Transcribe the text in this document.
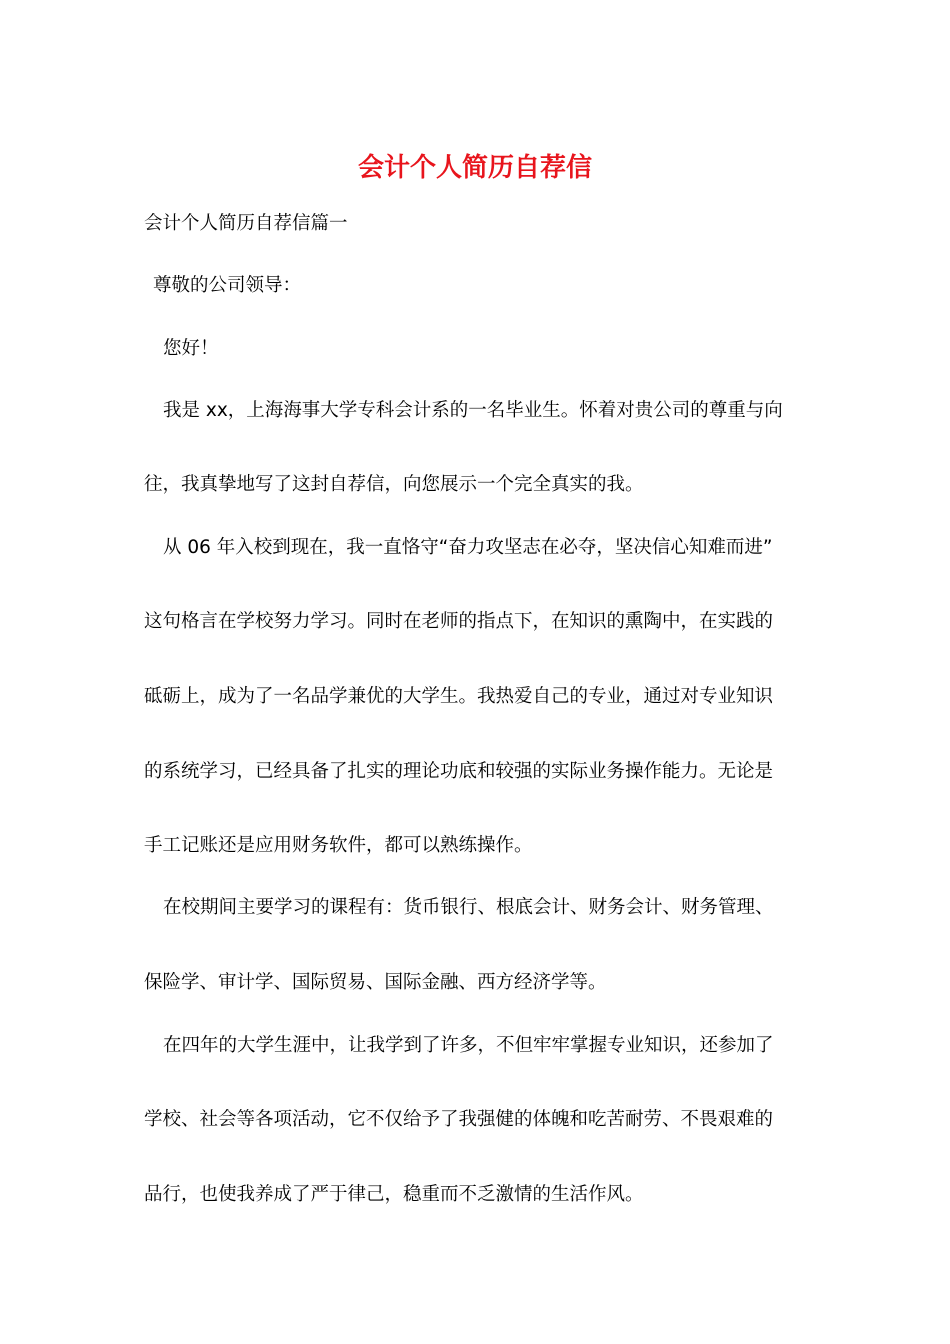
会计个人简历自荐信
会计个人简历自荐信篇一
尊敬的公司领导：
您好！
我是 xx，上海海事大学专科会计系的一名毕业生。怀着对贵公司的尊重与向
往，我真挚地写了这封自荐信，向您展示一个完全真实的我。
从 06 年入校到现在，我一直恪守“奋力攻坚志在必夺，坚决信心知难而进”
这句格言在学校努力学习。同时在老师的指点下，在知识的熏陶中，在实践的
砥砺上，成为了一名品学兼优的大学生。我热爱自己的专业，通过对专业知识
的系统学习，已经具备了扎实的理论功底和较强的实际业务操作能力。无论是
手工记账还是应用财务软件，都可以熟练操作。
在校期间主要学习的课程有：货币银行、根底会计、财务会计、财务管理、
保险学、审计学、国际贸易、国际金融、西方经济学等。
在四年的大学生涯中，让我学到了许多，不但牢牢掌握专业知识，还参加了
学校、社会等各项活动，它不仅给予了我强健的体魄和吃苦耐劳、不畏艰难的
品行，也使我养成了严于律己，稳重而不乏激情的生活作风。
